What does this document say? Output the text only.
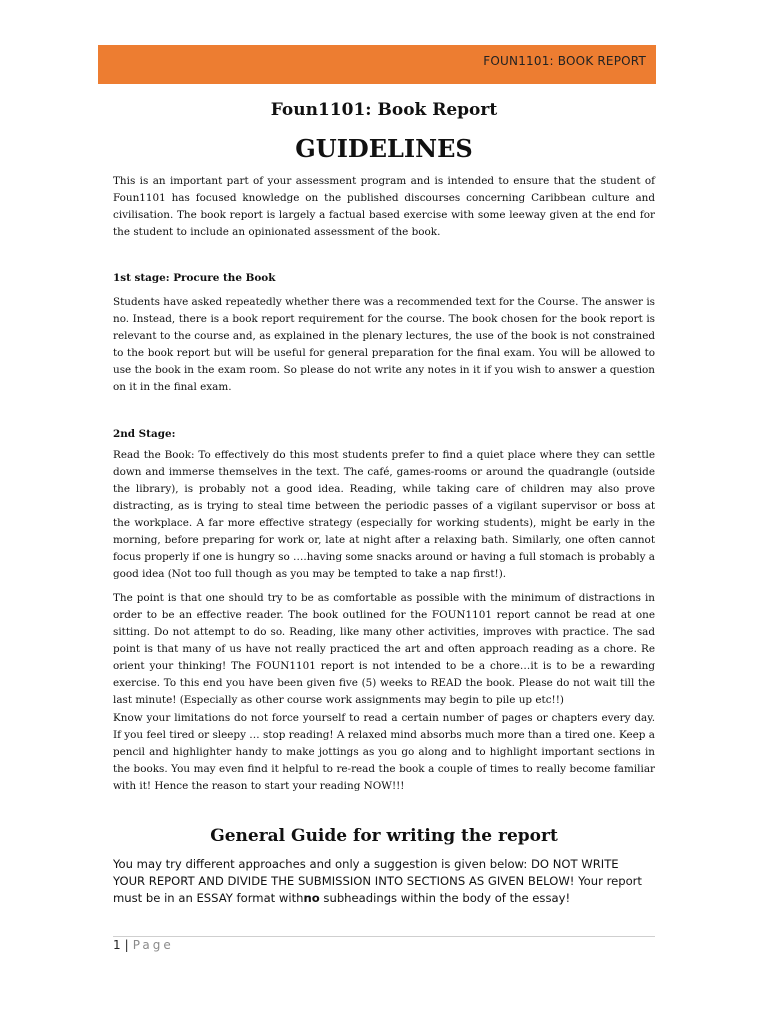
FOUN1101: BOOK REPORT
Foun1101: Book Report
GUIDELINES

This is an important part of your assessment program and is intended to ensure that the student of Foun1101 has focused knowledge on the published discourses concerning Caribbean culture and civilisation. The book report is largely a factual based exercise with some leeway given at the end for the student to include an opinionated assessment of the book.

1st stage: Procure the Book

Students have asked repeatedly whether there was a recommended text for the Course. The answer is no. Instead, there is a book report requirement for the course. The book chosen for the book report is relevant to the course and, as explained in the plenary lectures, the use of the book is not constrained to the book report but will be useful for general preparation for the final exam. You will be allowed to use the book in the exam room. So please do not write any notes in it if you wish to answer a question on it in the final exam.

2nd Stage:

Read the Book: To effectively do this most students prefer to find a quiet place where they can settle down and immerse themselves in the text. The café, games-rooms or around the quadrangle (outside the library), is probably not a good idea. Reading, while taking care of children may also prove distracting, as is trying to steal time between the periodic passes of a vigilant supervisor or boss at the workplace. A far more effective strategy (especially for working students), might be early in the morning, before preparing for work or, late at night after a relaxing bath. Similarly, one often cannot focus properly if one is hungry so ….having some snacks around or having a full stomach is probably a good idea (Not too full though as you may be tempted to take a nap first!).

The point is that one should try to be as comfortable as possible with the minimum of distractions in order to be an effective reader. The book outlined for the FOUN1101 report cannot be read at one sitting. Do not attempt to do so. Reading, like many other activities, improves with practice. The sad point is that many of us have not really practiced the art and often approach reading as a chore. Re orient your thinking! The FOUN1101 report is not intended to be a chore…it is to be a rewarding exercise. To this end you have been given five (5) weeks to READ the book. Please do not wait till the last minute! (Especially as other course work assignments may begin to pile up etc!!)

Know your limitations do not force yourself to read a certain number of pages or chapters every day. If you feel tired or sleepy … stop reading! A relaxed mind absorbs much more than a tired one. Keep a pencil and highlighter handy to make jottings as you go along and to highlight important sections in the books. You may even find it helpful to re-read the book a couple of times to really become familiar with it! Hence the reason to start your reading NOW!!!

General Guide for writing the report
You may try different approaches and only a suggestion is given below: DO NOT WRITE YOUR REPORT AND DIVIDE THE SUBMISSION INTO SECTIONS AS GIVEN BELOW! Your report must be in an ESSAY format withno subheadings within the body of the essay!
1 | Page
